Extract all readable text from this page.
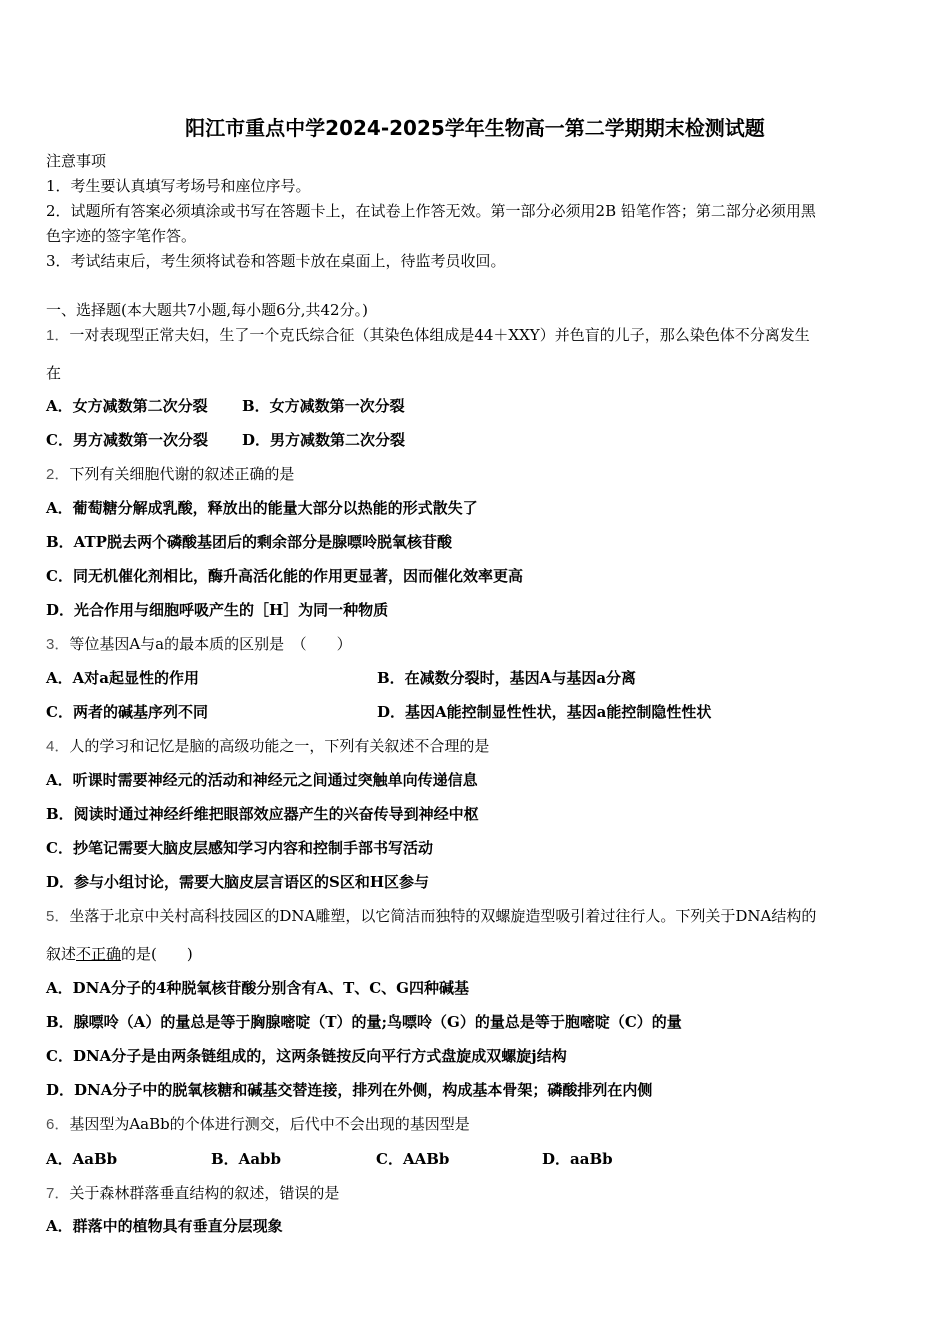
阳江市重点中学2024-2025学年生物高一第二学期期末检测试题
注意事项
1．考生要认真填写考场号和座位序号。
2．试题所有答案必须填涂或书写在答题卡上，在试卷上作答无效。第一部分必须用2B 铅笔作答；第二部分必须用黑
色字迹的签字笔作答。
3．考试结束后，考生须将试卷和答题卡放在桌面上，待监考员收回。
一、选择题(本大题共7小题,每小题6分,共42分。)
1．一对表现型正常夫妇，生了一个克氏综合征（其染色体组成是44＋XXY）并色盲的儿子，那么染色体不分离发生
在
A．女方减数第二次分裂 B．女方减数第一次分裂
C．男方减数第一次分裂 D．男方减数第二次分裂
2．下列有关细胞代谢的叙述正确的是
A．葡萄糖分解成乳酸，释放出的能量大部分以热能的形式散失了
B．ATP脱去两个磷酸基团后的剩余部分是腺嘌呤脱氧核苷酸
C．同无机催化剂相比，酶升高活化能的作用更显著，因而催化效率更高
D．光合作用与细胞呼吸产生的［H］为同一种物质
3．等位基因A与a的最本质的区别是　（　　）
A．A对a起显性的作用	B．在减数分裂时，基因A与基因a分离
C．两者的碱基序列不同	D．基因A能控制显性性状，基因a能控制隐性性状
4．人的学习和记忆是脑的高级功能之一，下列有关叙述不合理的是
A．听课时需要神经元的活动和神经元之间通过突触单向传递信息
B．阅读时通过神经纤维把眼部效应器产生的兴奋传导到神经中枢
C．抄笔记需要大脑皮层感知学习内容和控制手部书写活动
D．参与小组讨论，需要大脑皮层言语区的S区和H区参与
5．坐落于北京中关村高科技园区的DNA雕塑，以它简洁而独特的双螺旋造型吸引着过往行人。下列关于DNA结构的
叙述不正确的是(　　)
A．DNA分子的4种脱氧核苷酸分别含有A、T、C、G四种碱基
B．腺嘌呤（A）的量总是等于胸腺嘧啶（T）的量;鸟嘌呤（G）的量总是等于胞嘧啶（C）的量
C．DNA分子是由两条链组成的，这两条链按反向平行方式盘旋成双螺旋j结构
D．DNA分子中的脱氧核糖和碱基交替连接，排列在外侧，构成基本骨架；磷酸排列在内侧
6．基因型为AaBb的个体进行测交，后代中不会出现的基因型是
A．AaBb	B．Aabb	C．AABb	D．aaBb
7．关于森林群落垂直结构的叙述，错误的是
A．群落中的植物具有垂直分层现象
